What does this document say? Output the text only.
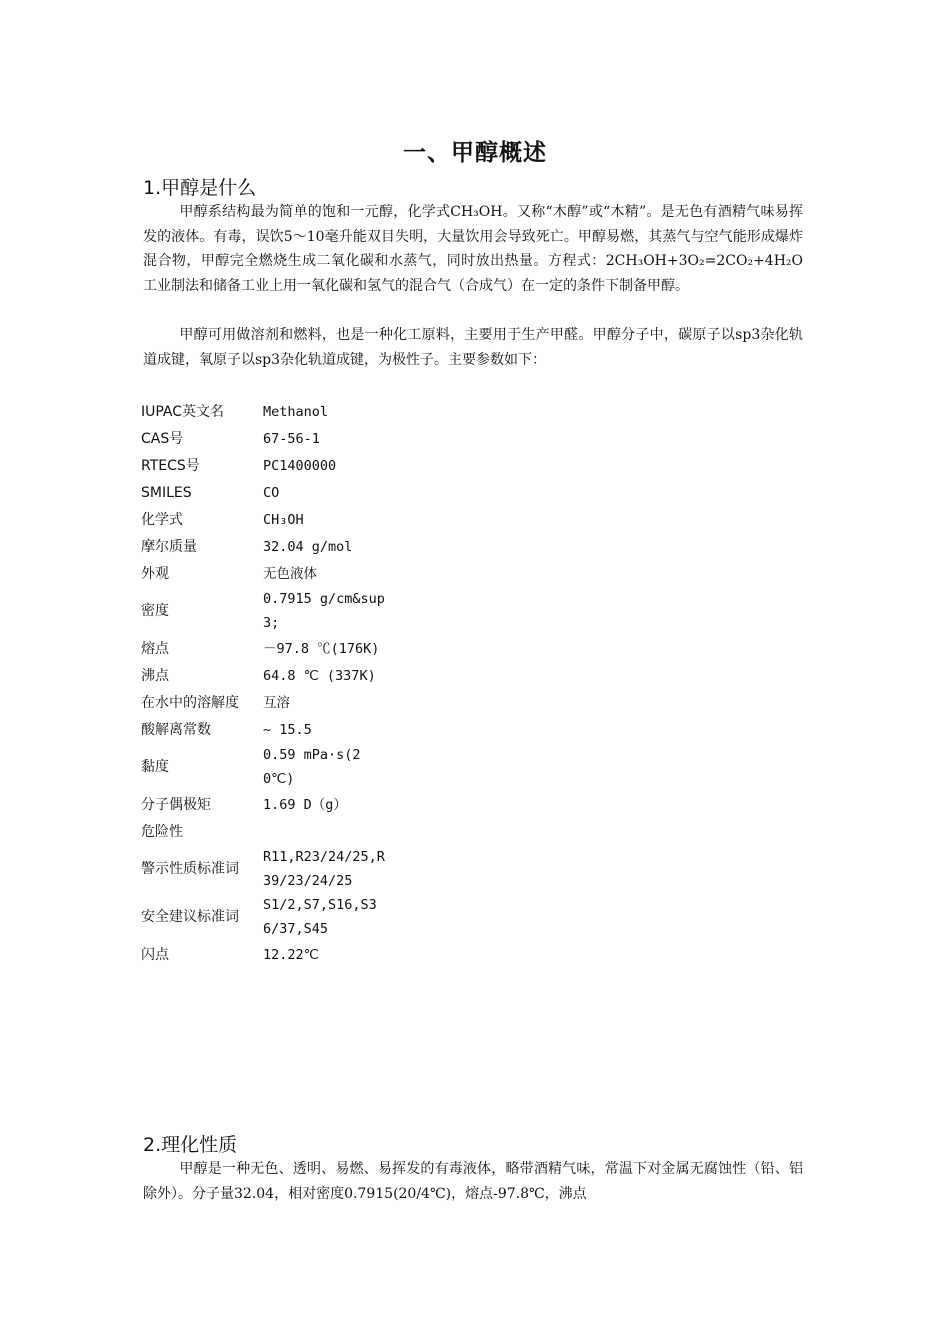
一、甲醇概述
1.甲醇是什么

甲醇系结构最为简单的饱和一元醇，化学式CH₃OH。又称“木醇”或“木精”。是无色有酒精气味易挥发的液体。有毒，误饮5～10毫升能双目失明，大量饮用会导致死亡。甲醇易燃，其蒸气与空气能形成爆炸混合物，甲醇完全燃烧生成二氧化碳和水蒸气，同时放出热量。方程式：2CH₃OH+3O₂=2CO₂+4H₂O 工业制法和储备工业上用一氧化碳和氢气的混合气（合成气）在一定的条件下制备甲醇。

甲醇可用做溶剂和燃料，也是一种化工原料，主要用于生产甲醛。甲醇分子中，碳原子以sp3杂化轨道成键，氧原子以sp3杂化轨道成键，为极性子。主要参数如下：

IUPAC英文名	Methanol
CAS号	67-56-1
RTECS号	PC1400000
SMILES	CO
化学式	CH₃OH
摩尔质量	32.04 g/mol
外观	无色液体
密度	0.7915 g/cm&sup3;
熔点	－97.8 ℃(176K)
沸点	64.8 ℃ (337K)
在水中的溶解度	互溶
酸解离常数	~ 15.5
黏度	0.59 mPa·s(20℃)
分子偶极矩	1.69 D（g）
危险性	
警示性质标准词	R11,R23/24/25,R39/23/24/25
安全建议标准词	S1/2,S7,S16,S36/37,S45
闪点	12.22℃
2.理化性质

甲醇是一种无色、透明、易燃、易挥发的有毒液体，略带酒精气味，常温下对金属无腐蚀性（铅、铝除外）。分子量32.04，相对密度0.7915(20/4℃)，熔点-97.8℃，沸点
